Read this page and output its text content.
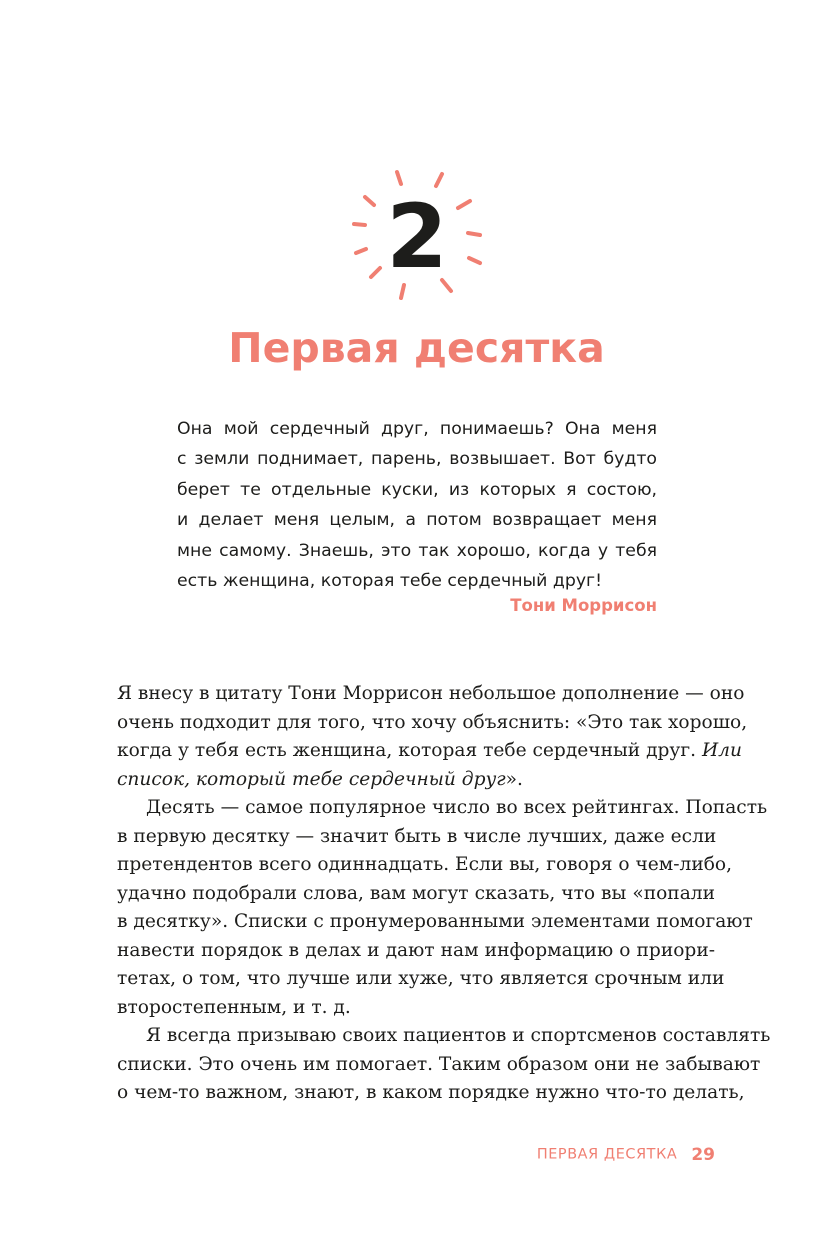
2
Первая десятка
Она мой сердечный друг, понимаешь? Она меня
с земли поднимает, парень, возвышает. Вот будто
берет те отдельные куски, из которых я состою,
и делает меня целым, а потом возвращает меня
мне самому. Знаешь, это так хорошо, когда у тебя
есть женщина, которая тебе сердечный друг!
Тони Моррисон
Я внесу в цитату Тони Моррисон небольшое дополнение — оно
очень подходит для того, что хочу объяснить: «Это так хорошо,
когда у тебя есть женщина, которая тебе сердечный друг. Или
список, который тебе сердечный друг».
Десять — самое популярное число во всех рейтингах. Попасть
в первую десятку — значит быть в числе лучших, даже если
претендентов всего одиннадцать. Если вы, говоря о чем-либо,
удачно подобрали слова, вам могут сказать, что вы «попали
в десятку». Списки с пронумерованными элементами помогают
навести порядок в делах и дают нам информацию о приори-
тетах, о том, что лучше или хуже, что является срочным или
второстепенным, и т. д.
Я всегда призываю своих пациентов и спортсменов составлять
списки. Это очень им помогает. Таким образом они не забывают
о чем-то важном, знают, в каком порядке нужно что-то делать,
ПЕРВАЯ ДЕСЯТКА 29
